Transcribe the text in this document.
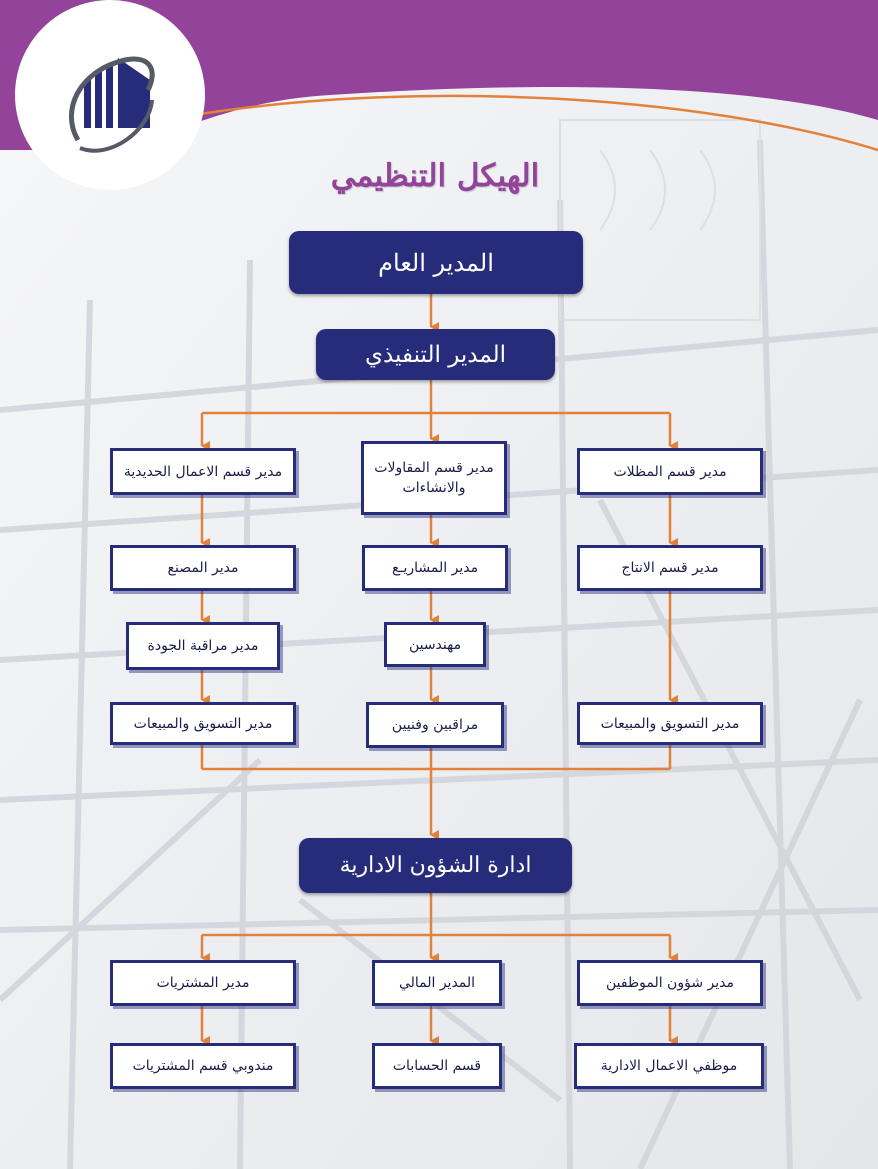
الهيكل التنظيمي
المدير العام
المدير التنفيذي
مدير قسم المظلات
مدير قسم المقاولات والانشاءات
مدير قسم الاعمال الحديدية
مدير قسم الانتاج
مدير المشاريـع
مدير المصنع
مهندسين
مدير مراقبة الجودة
مدير التسويق والمبيعات
مراقبين وفنيين
مدير التسويق والمبيعات
ادارة الشؤون الادارية
مدير شؤون الموظفين
المدير المالي
مدير المشتريات
موظفي الاعمال الادارية
قسم الحسابات
مندوبي قسم المشتريات
